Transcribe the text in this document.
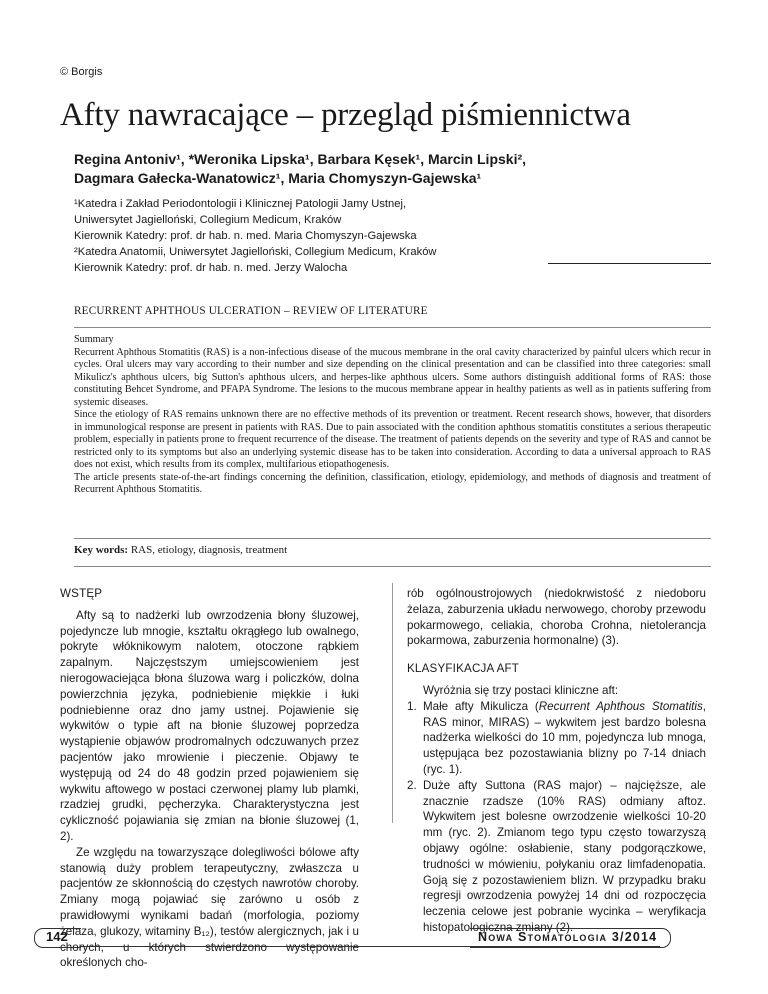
© Borgis
Afty nawracające – przegląd piśmiennictwa
Regina Antoniv¹, *Weronika Lipska¹, Barbara Kęsek¹, Marcin Lipski²,
Dagmara Gałecka-Wanatowicz¹, Maria Chomyszyn-Gajewska¹
¹Katedra i Zakład Periodontologii i Klinicznej Patologii Jamy Ustnej,
Uniwersytet Jagielloński, Collegium Medicum, Kraków
Kierownik Katedry: prof. dr hab. n. med. Maria Chomyszyn-Gajewska
²Katedra Anatomii, Uniwersytet Jagielloński, Collegium Medicum, Kraków
Kierownik Katedry: prof. dr hab. n. med. Jerzy Walocha
RECURRENT APHTHOUS ULCERATION – REVIEW OF LITERATURE

Summary

Recurrent Aphthous Stomatitis (RAS) is a non-infectious disease of the mucous membrane in the oral cavity characterized by painful ulcers which recur in cycles. Oral ulcers may vary according to their number and size depending on the clinical presentation and can be classified into three categories: small Mikulicz's aphthous ulcers, big Sutton's aphthous ulcers, and herpes-like aphthous ulcers. Some authors distinguish additional forms of RAS: those constituting Behcet Syndrome, and PFAPA Syndrome. The lesions to the mucous membrane appear in healthy patients as well as in patients suffering from systemic diseases.

Since the etiology of RAS remains unknown there are no effective methods of its prevention or treatment. Recent research shows, however, that disorders in immunological response are present in patients with RAS. Due to pain associated with the condition aphthous stomatitis constitutes a serious therapeutic problem, especially in patients prone to frequent recurrence of the disease. The treatment of patients depends on the severity and type of RAS and cannot be restricted only to its symptoms but also an underlying systemic disease has to be taken into consideration. According to data a universal approach to RAS does not exist, which results from its complex, multifarious etiopathogenesis.

The article presents state-of-the-art findings concerning the definition, classification, etiology, epidemiology, and methods of diagnosis and treatment of Recurrent Aphthous Stomatitis.

Key words: RAS, etiology, diagnosis, treatment
WSTĘP

Afty są to nadżerki lub owrzodzenia błony śluzowej, pojedyncze lub mnogie, kształtu okrągłego lub owalnego, pokryte włóknikowym nalotem, otoczone rąbkiem zapalnym. Najczęstszym umiejscowieniem jest nierogowaciejąca błona śluzowa warg i policzków, dolna powierzchnia języka, podniebienie miękkie i łuki podniebienne oraz dno jamy ustnej. Pojawienie się wykwitów o typie aft na błonie śluzowej poprzedza wystąpienie objawów prodromalnych odczuwanych przez pacjentów jako mrowienie i pieczenie. Objawy te występują od 24 do 48 godzin przed pojawieniem się wykwitu aftowego w postaci czerwonej plamy lub plamki, rzadziej grudki, pęcherzyka. Charakterystyczna jest cykliczność pojawiania się zmian na błonie śluzowej (1, 2).

Ze względu na towarzyszące dolegliwości bólowe afty stanowią duży problem terapeutyczny, zwłaszcza u pacjentów ze skłonnością do częstych nawrotów choroby. Zmiany mogą pojawiać się zarówno u osób z prawidłowymi wynikami badań (morfologia, poziomy żelaza, glukozy, witaminy B₁₂), testów alergicznych, jak i u chorych, u których stwierdzono występowanie określonych cho-

rób ogólnoustrojowych (niedokrwistość z niedoboru żelaza, zaburzenia układu nerwowego, choroby przewodu pokarmowego, celiakia, choroba Crohna, nietolerancja pokarmowa, zaburzenia hormonalne) (3).

KLASYFIKACJA AFT

Wyróżnia się trzy postaci kliniczne aft:

1. Małe afty Mikulicza (Recurrent Aphthous Stomatitis, RAS minor, MIRAS) – wykwitem jest bardzo bolesna nadżerka wielkości do 10 mm, pojedyncza lub mnoga, ustępująca bez pozostawiania blizny po 7-14 dniach (ryc. 1).
2. Duże afty Suttona (RAS major) – najcięższe, ale znacznie rzadsze (10% RAS) odmiany aftoz. Wykwitem jest bolesne owrzodzenie wielkości 10-20 mm (ryc. 2). Zmianom tego typu często towarzyszą objawy ogólne: osłabienie, stany podgorączkowe, trudności w mówieniu, połykaniu oraz limfadenopatia. Goją się z pozostawieniem blizn. W przypadku braku regresji owrzodzenia powyżej 14 dni od rozpoczęcia leczenia celowe jest pobranie wycinka – weryfikacja histopatologiczna zmiany (2).
142	Nowa Stomatologia 3/2014
